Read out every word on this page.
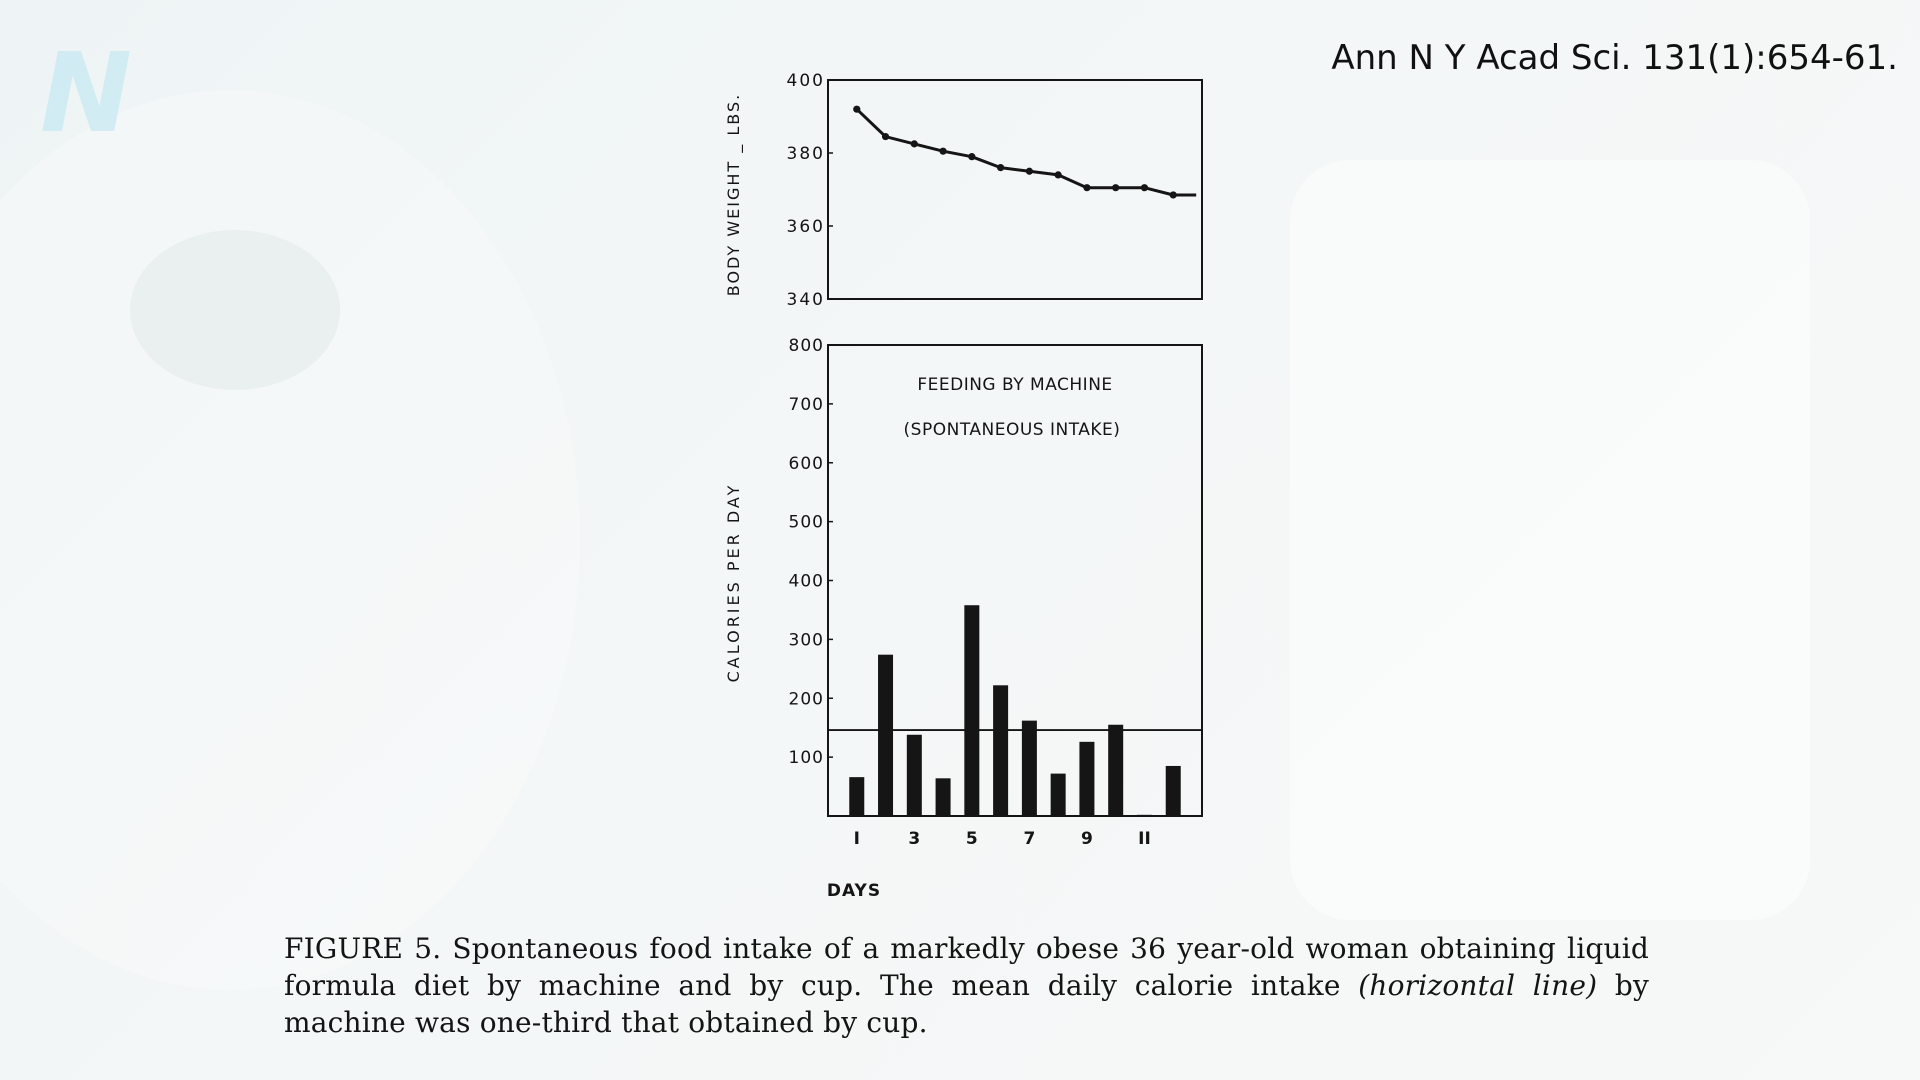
N	Ann N Y Acad Sci. 131(1):654-61.
400
380
360
340
BODY WEIGHT _ LBS.
800
700
600
500
400
300
200
100
I	3	5	7	9	II
FEEDING BY MACHINE
(SPONTANEOUS INTAKE)
CALORIES PER DAY
DAYS
FIGURE 5. Spontaneous food intake of a markedly obese 36 year-old woman obtaining liquid formula diet by machine and by cup. The mean daily calorie intake (horizontal line) by machine was one-third that obtained by cup.
